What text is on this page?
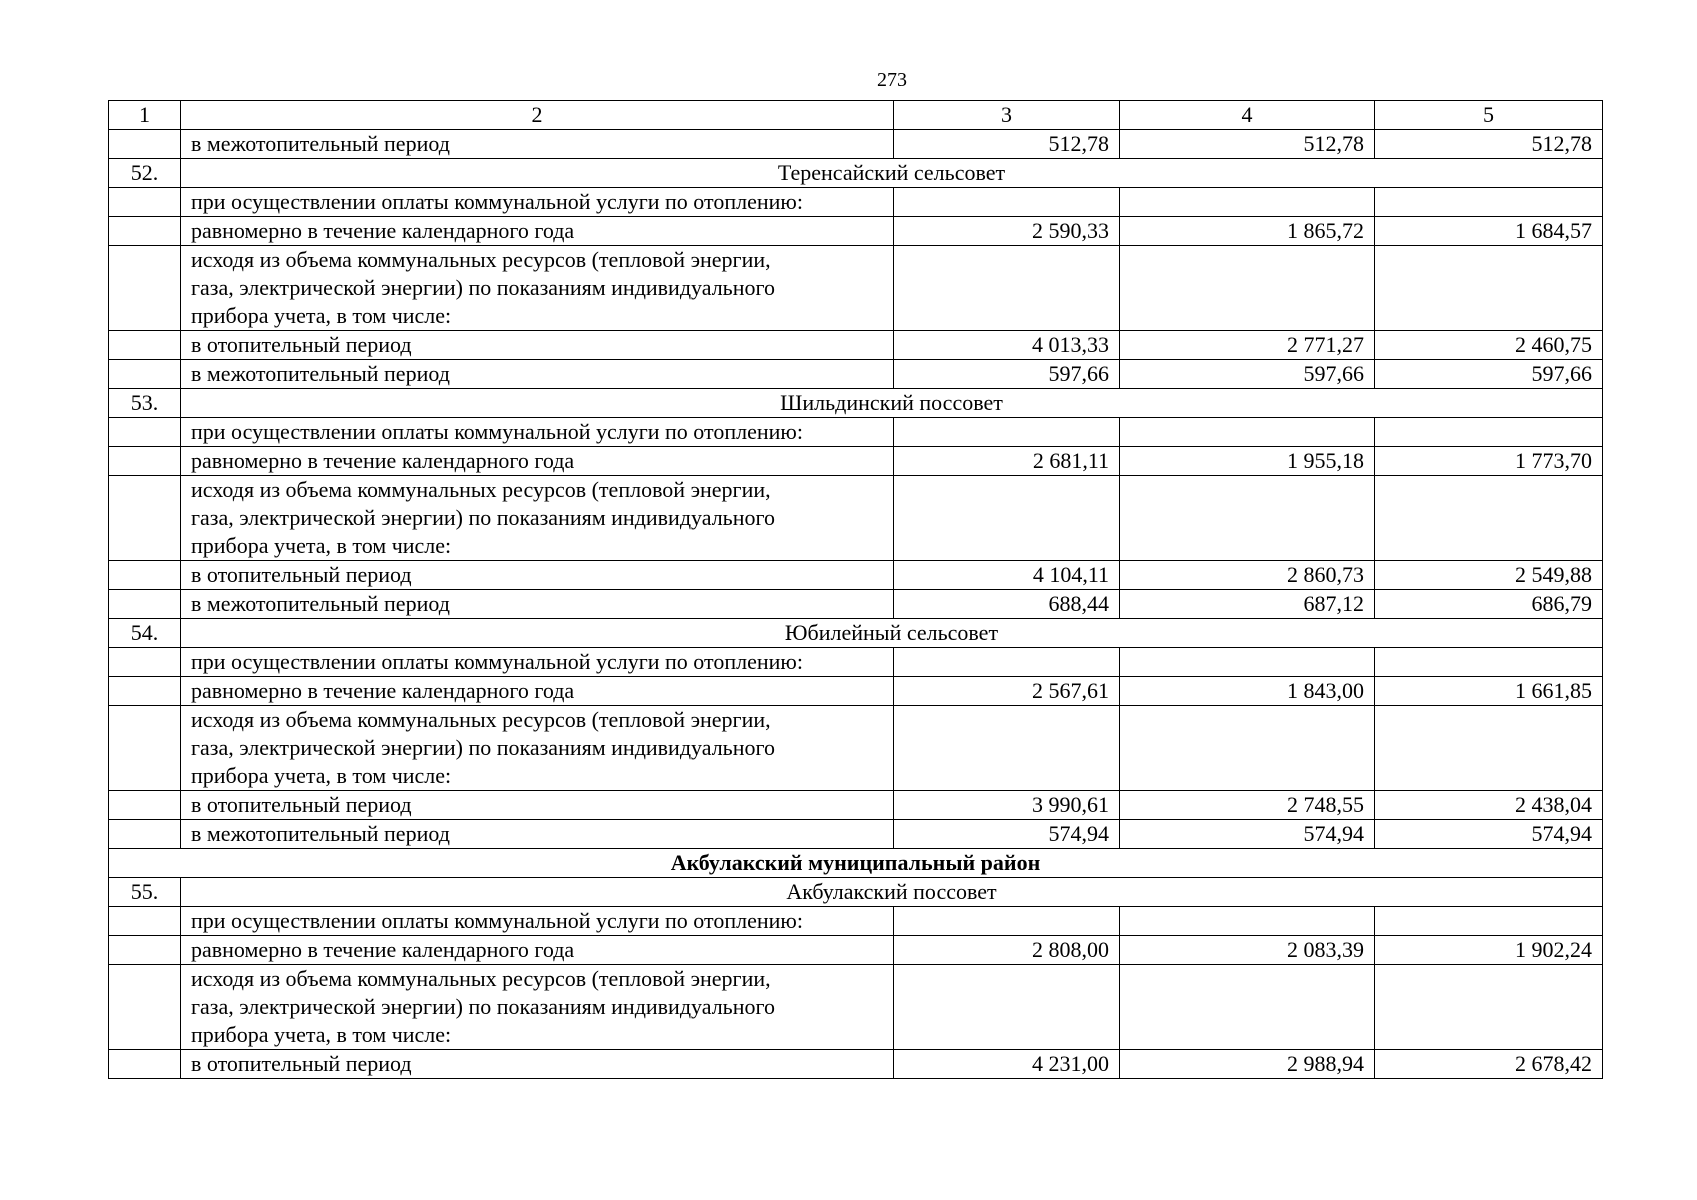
273
1	2	3	4	5
	в межотопительный период	512,78	512,78	512,78
52.	Теренсайский сельсовет			
	при осуществлении оплаты коммунальной услуги по отоплению:			
	равномерно в течение календарного года	2 590,33	1 865,72	1 684,57

	исходя из объема коммунальных ресурсов (тепловой энергии,
газа, электрической энергии) по показаниям индивидуального
прибора учета, в том числе:			

	в отопительный период	4 013,33	2 771,27	2 460,75
	в межотопительный период	597,66	597,66	597,66
53.	Шильдинский поссовет			
	при осуществлении оплаты коммунальной услуги по отоплению:			
	равномерно в течение календарного года	2 681,11	1 955,18	1 773,70

	исходя из объема коммунальных ресурсов (тепловой энергии,
газа, электрической энергии) по показаниям индивидуального
прибора учета, в том числе:			

	в отопительный период	4 104,11	2 860,73	2 549,88
	в межотопительный период	688,44	687,12	686,79
54.	Юбилейный сельсовет			
	при осуществлении оплаты коммунальной услуги по отоплению:			
	равномерно в течение календарного года	2 567,61	1 843,00	1 661,85

	исходя из объема коммунальных ресурсов (тепловой энергии,
газа, электрической энергии) по показаниям индивидуального
прибора учета, в том числе:			

	в отопительный период	3 990,61	2 748,55	2 438,04
	в межотопительный период	574,94	574,94	574,94
Акбулакский муниципальный район				
55.	Акбулакский поссовет			
	при осуществлении оплаты коммунальной услуги по отоплению:			
	равномерно в течение календарного года	2 808,00	2 083,39	1 902,24

	исходя из объема коммунальных ресурсов (тепловой энергии,
газа, электрической энергии) по показаниям индивидуального
прибора учета, в том числе:			

	в отопительный период	4 231,00	2 988,94	2 678,42
